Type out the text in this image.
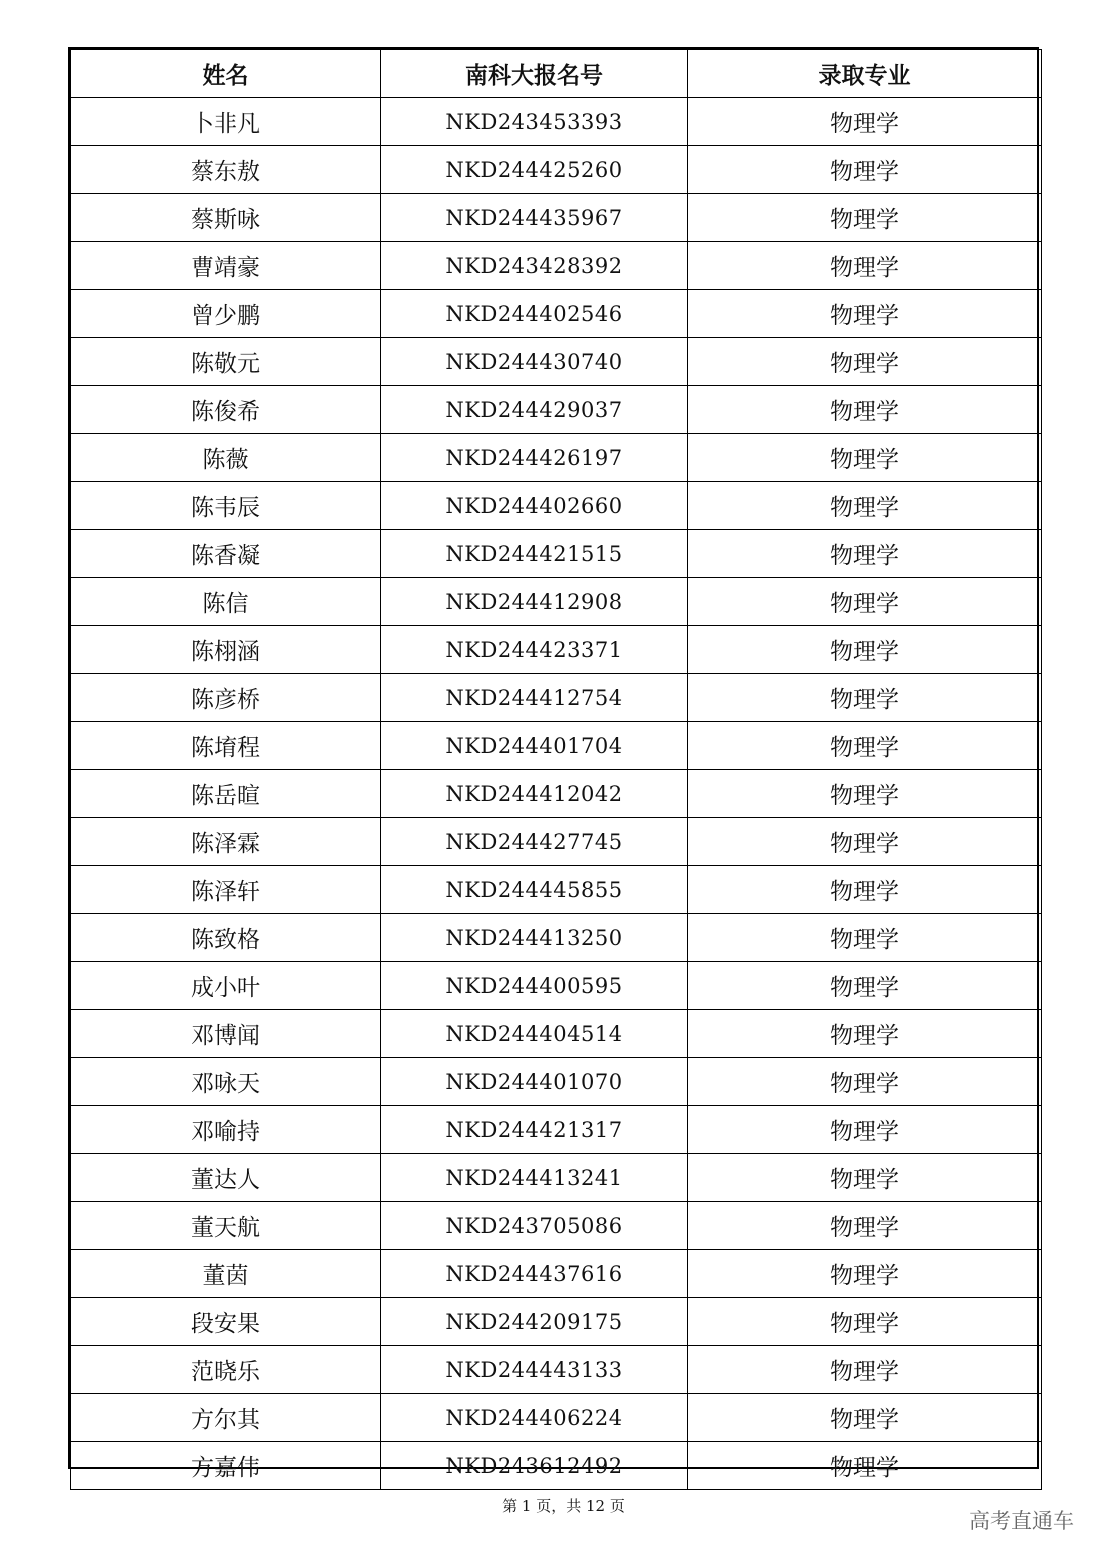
姓名	南科大报名号	录取专业
卜非凡	NKD243453393	物理学
蔡东敖	NKD244425260	物理学
蔡斯咏	NKD244435967	物理学
曹靖豪	NKD243428392	物理学
曾少鹏	NKD244402546	物理学
陈敬元	NKD244430740	物理学
陈俊希	NKD244429037	物理学
陈薇	NKD244426197	物理学
陈韦辰	NKD244402660	物理学
陈香凝	NKD244421515	物理学
陈信	NKD244412908	物理学
陈栩涵	NKD244423371	物理学
陈彦桥	NKD244412754	物理学
陈堉程	NKD244401704	物理学
陈岳暄	NKD244412042	物理学
陈泽霖	NKD244427745	物理学
陈泽轩	NKD244445855	物理学
陈致格	NKD244413250	物理学
成小叶	NKD244400595	物理学
邓博闻	NKD244404514	物理学
邓咏天	NKD244401070	物理学
邓喻持	NKD244421317	物理学
董达人	NKD244413241	物理学
董天航	NKD243705086	物理学
董茵	NKD244437616	物理学
段安果	NKD244209175	物理学
范晓乐	NKD244443133	物理学
方尔其	NKD244406224	物理学
方嘉伟	NKD243612492	物理学
第 1 页，共 12 页
高考直通车
